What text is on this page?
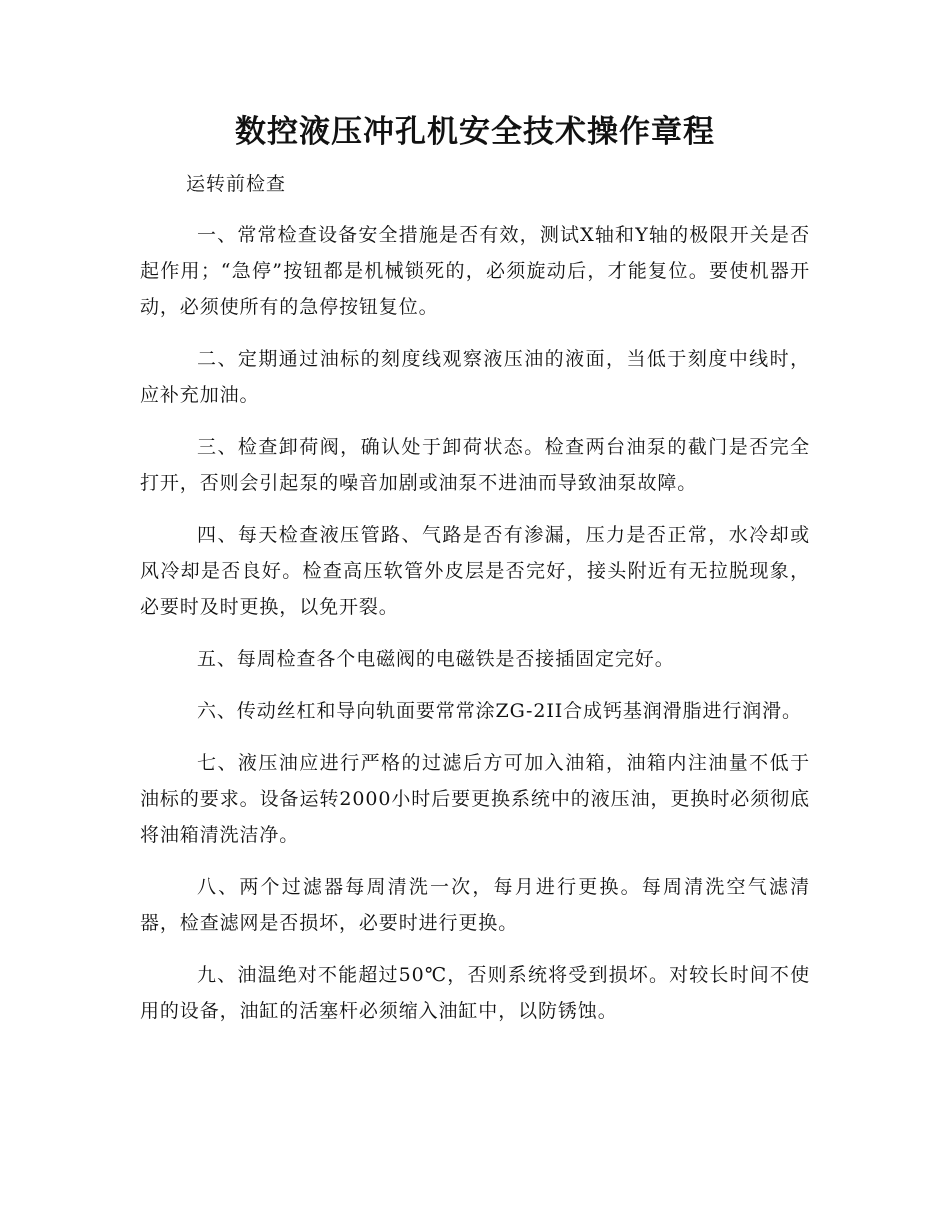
数控液压冲孔机安全技术操作章程

运转前检查

一、常常检查设备安全措施是否有效，测试X轴和Y轴的极限开关是否起作用；“急停”按钮都是机械锁死的，必须旋动后，才能复位。要使机器开动，必须使所有的急停按钮复位。

二、定期通过油标的刻度线观察液压油的液面，当低于刻度中线时，应补充加油。

三、检查卸荷阀，确认处于卸荷状态。检查两台油泵的截门是否完全打开，否则会引起泵的噪音加剧或油泵不进油而导致油泵故障。

四、每天检查液压管路、气路是否有渗漏，压力是否正常，水冷却或风冷却是否良好。检查高压软管外皮层是否完好，接头附近有无拉脱现象，必要时及时更换，以免开裂。

五、每周检查各个电磁阀的电磁铁是否接插固定完好。

六、传动丝杠和导向轨面要常常涂ZG-2II合成钙基润滑脂进行润滑。

七、液压油应进行严格的过滤后方可加入油箱，油箱内注油量不低于油标的要求。设备运转2000小时后要更换系统中的液压油，更换时必须彻底将油箱清洗洁净。

八、两个过滤器每周清洗一次，每月进行更换。每周清洗空气滤清器，检查滤网是否损坏，必要时进行更换。

九、油温绝对不能超过50℃，否则系统将受到损坏。对较长时间不使用的设备，油缸的活塞杆必须缩入油缸中，以防锈蚀。
